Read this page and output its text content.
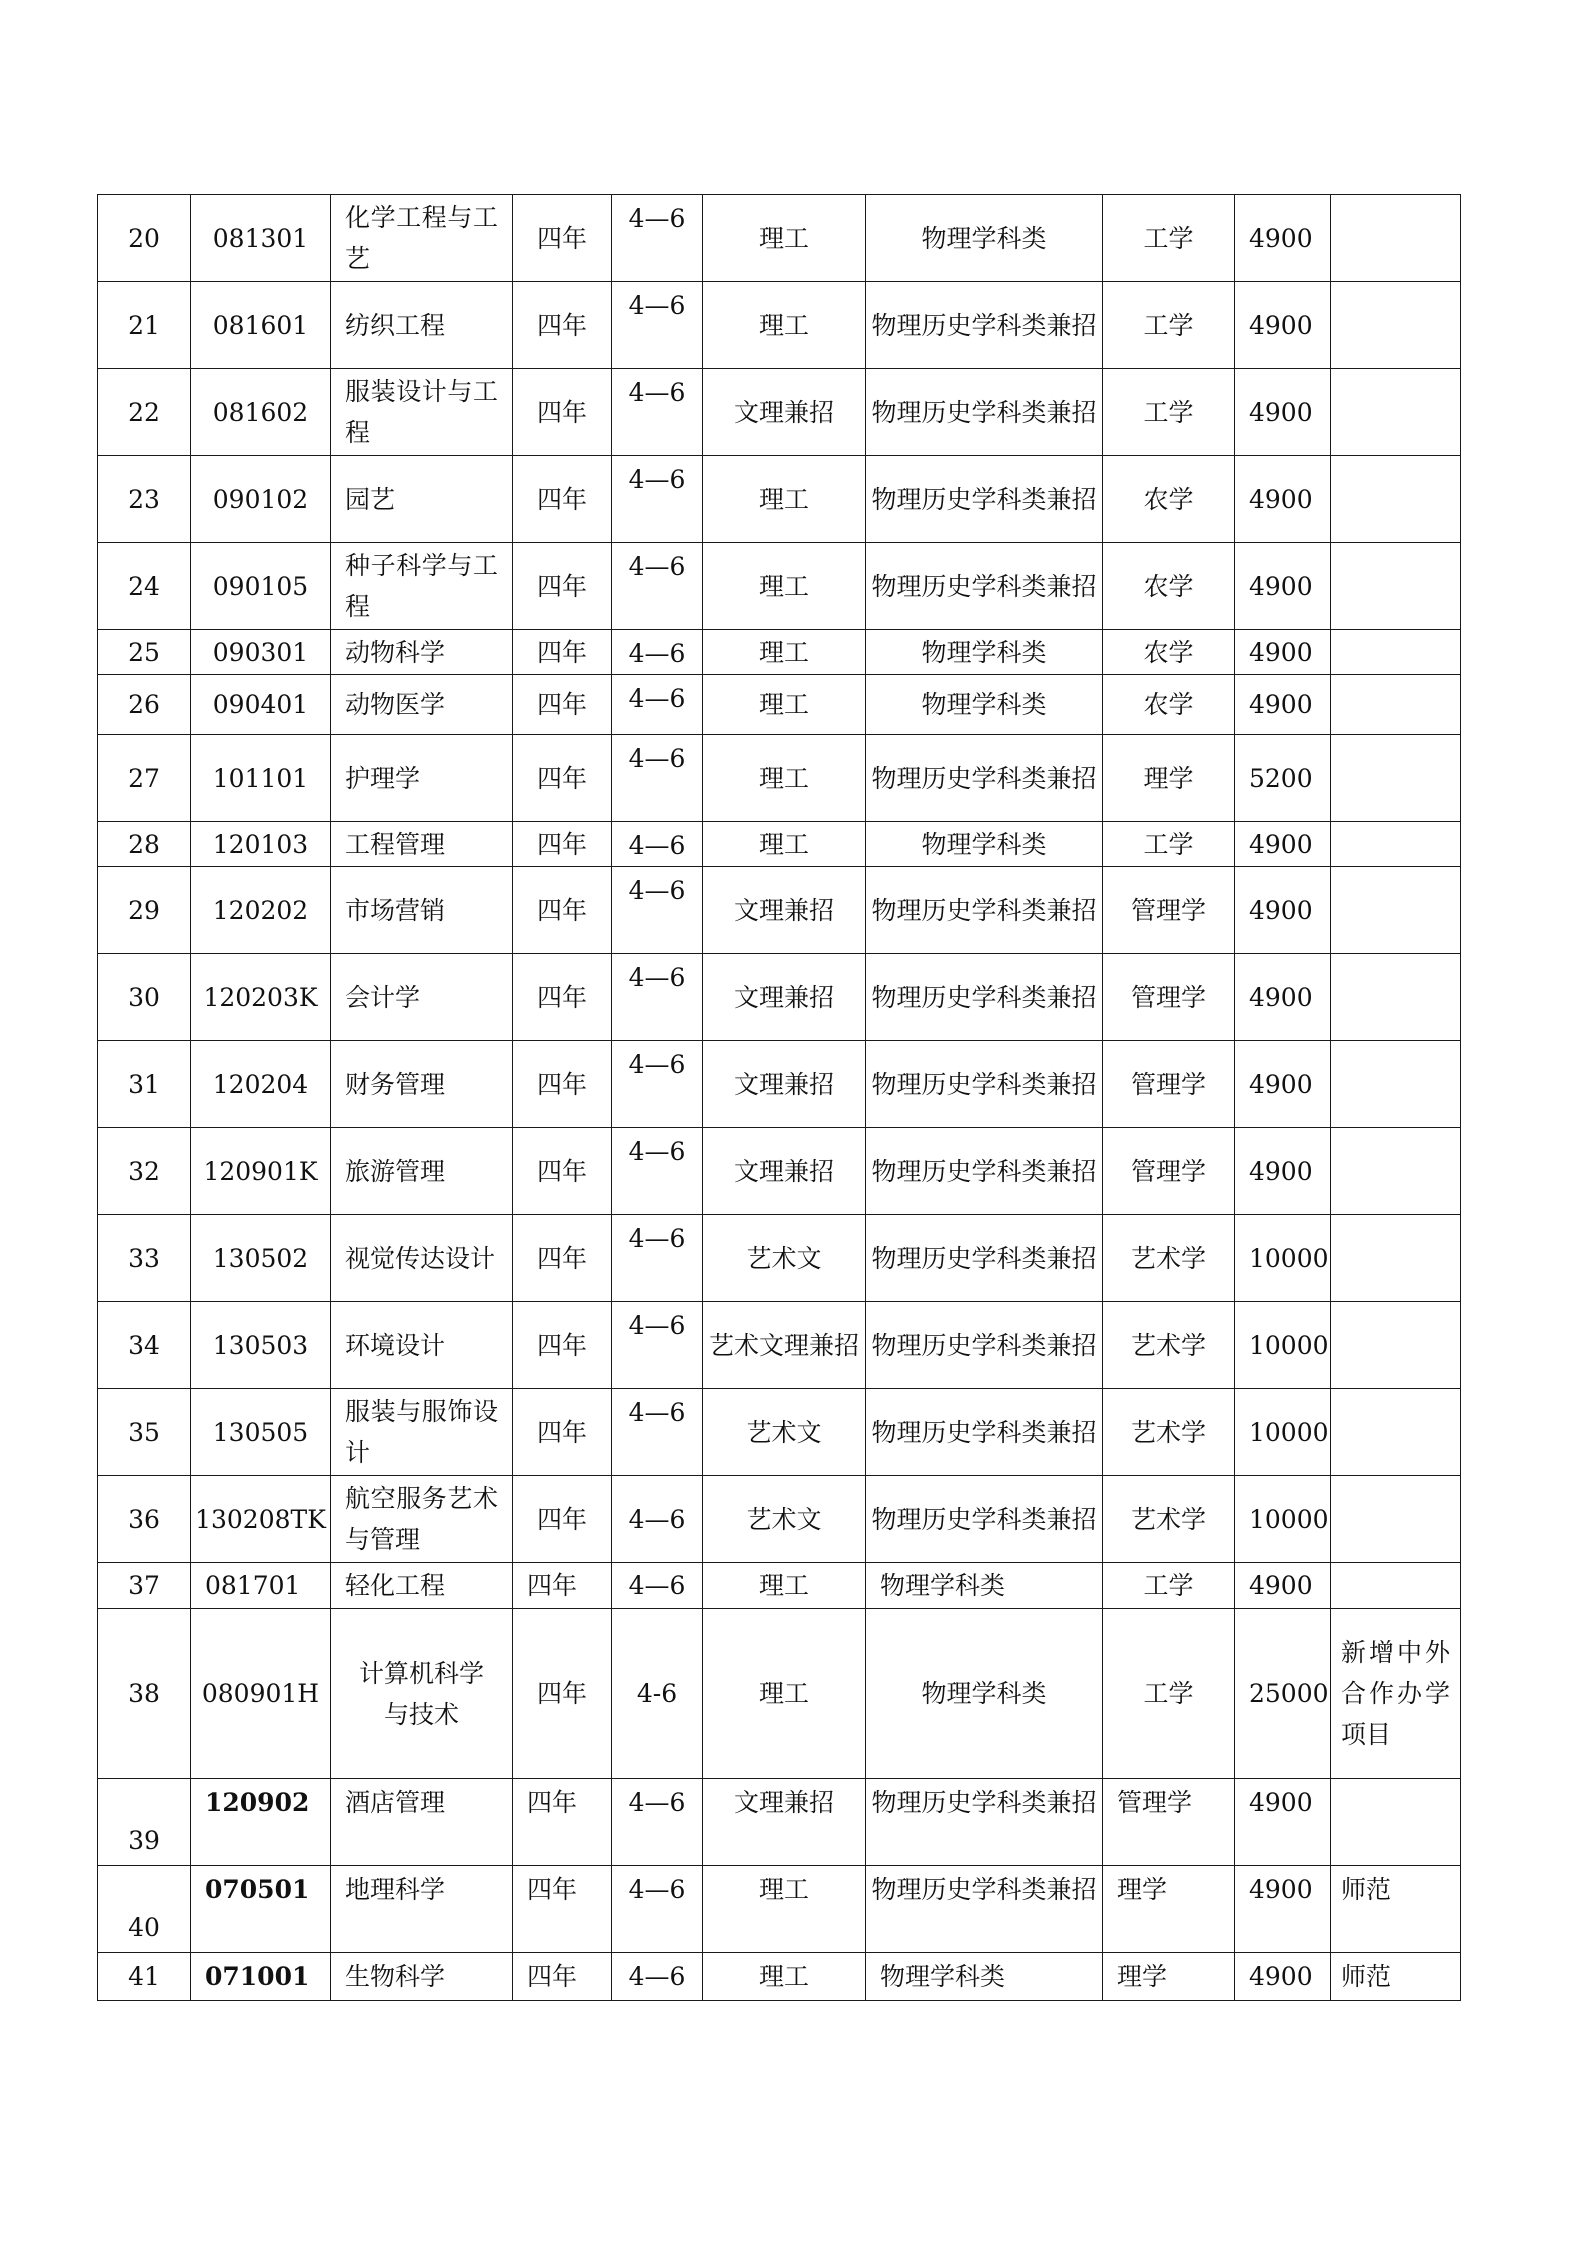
20	081301	化学工程与工艺	四年	4—6	理工	物理学科类	工学	4900	
21	081601	纺织工程	四年	4—6	理工	物理历史学科类兼招	工学	4900	
22	081602	服装设计与工程	四年	4—6	文理兼招	物理历史学科类兼招	工学	4900	
23	090102	园艺	四年	4—6	理工	物理历史学科类兼招	农学	4900	
24	090105	种子科学与工程	四年	4—6	理工	物理历史学科类兼招	农学	4900	
25	090301	动物科学	四年	4—6	理工	物理学科类	农学	4900	
26	090401	动物医学	四年	4—6	理工	物理学科类	农学	4900	
27	101101	护理学	四年	4—6	理工	物理历史学科类兼招	理学	5200	
28	120103	工程管理	四年	4—6	理工	物理学科类	工学	4900	
29	120202	市场营销	四年	4—6	文理兼招	物理历史学科类兼招	管理学	4900	
30	120203K	会计学	四年	4—6	文理兼招	物理历史学科类兼招	管理学	4900	
31	120204	财务管理	四年	4—6	文理兼招	物理历史学科类兼招	管理学	4900	
32	120901K	旅游管理	四年	4—6	文理兼招	物理历史学科类兼招	管理学	4900	
33	130502	视觉传达设计	四年	4—6	艺术文	物理历史学科类兼招	艺术学	10000	
34	130503	环境设计	四年	4—6	艺术文理兼招	物理历史学科类兼招	艺术学	10000	
35	130505	服装与服饰设计	四年	4—6	艺术文	物理历史学科类兼招	艺术学	10000	
36	130208TK	航空服务艺术与管理	四年	4—6	艺术文	物理历史学科类兼招	艺术学	10000	
37	081701	轻化工程	四年	4—6	理工	物理学科类	工学	4900	
38	080901H	计算机科学与技术	四年	4-6	理工	物理学科类	工学	25000	新增中外合作办学项目
39	120902	酒店管理	四年	4—6	文理兼招	物理历史学科类兼招	管理学	4900	
40	070501	地理科学	四年	4—6	理工	物理历史学科类兼招	理学	4900	师范
41	071001	生物科学	四年	4—6	理工	物理学科类	理学	4900	师范
